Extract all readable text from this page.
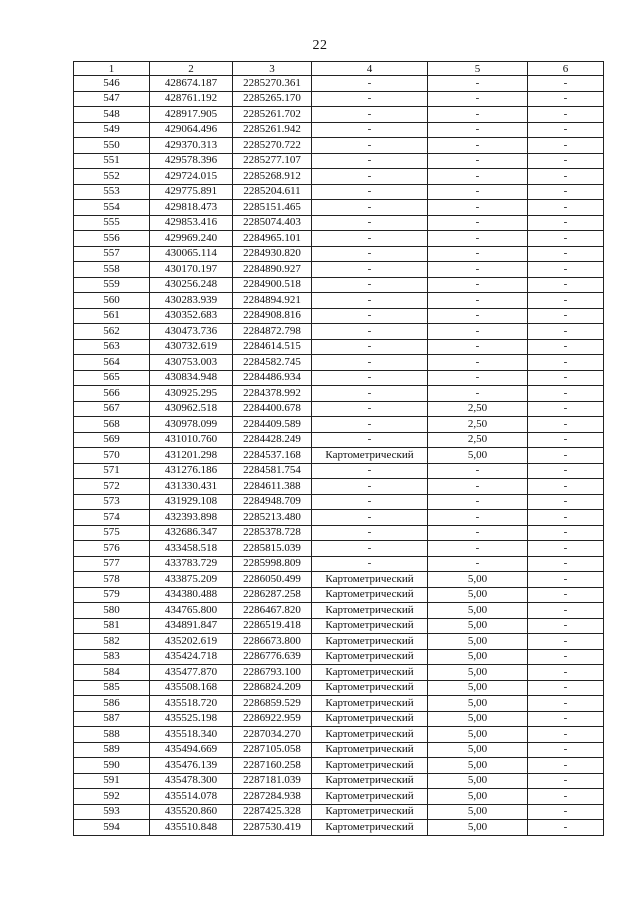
22
1	2	3	4	5	6
546	428674.187	2285270.361	-	-	-
547	428761.192	2285265.170	-	-	-
548	428917.905	2285261.702	-	-	-
549	429064.496	2285261.942	-	-	-
550	429370.313	2285270.722	-	-	-
551	429578.396	2285277.107	-	-	-
552	429724.015	2285268.912	-	-	-
553	429775.891	2285204.611	-	-	-
554	429818.473	2285151.465	-	-	-
555	429853.416	2285074.403	-	-	-
556	429969.240	2284965.101	-	-	-
557	430065.114	2284930.820	-	-	-
558	430170.197	2284890.927	-	-	-
559	430256.248	2284900.518	-	-	-
560	430283.939	2284894.921	-	-	-
561	430352.683	2284908.816	-	-	-
562	430473.736	2284872.798	-	-	-
563	430732.619	2284614.515	-	-	-
564	430753.003	2284582.745	-	-	-
565	430834.948	2284486.934	-	-	-
566	430925.295	2284378.992	-	-	-
567	430962.518	2284400.678	-	2,50	-
568	430978.099	2284409.589	-	2,50	-
569	431010.760	2284428.249	-	2,50	-
570	431201.298	2284537.168	Картометрический	5,00	-
571	431276.186	2284581.754	-	-	-
572	431330.431	2284611.388	-	-	-
573	431929.108	2284948.709	-	-	-
574	432393.898	2285213.480	-	-	-
575	432686.347	2285378.728	-	-	-
576	433458.518	2285815.039	-	-	-
577	433783.729	2285998.809	-	-	-
578	433875.209	2286050.499	Картометрический	5,00	-
579	434380.488	2286287.258	Картометрический	5,00	-
580	434765.800	2286467.820	Картометрический	5,00	-
581	434891.847	2286519.418	Картометрический	5,00	-
582	435202.619	2286673.800	Картометрический	5,00	-
583	435424.718	2286776.639	Картометрический	5,00	-
584	435477.870	2286793.100	Картометрический	5,00	-
585	435508.168	2286824.209	Картометрический	5,00	-
586	435518.720	2286859.529	Картометрический	5,00	-
587	435525.198	2286922.959	Картометрический	5,00	-
588	435518.340	2287034.270	Картометрический	5,00	-
589	435494.669	2287105.058	Картометрический	5,00	-
590	435476.139	2287160.258	Картометрический	5,00	-
591	435478.300	2287181.039	Картометрический	5,00	-
592	435514.078	2287284.938	Картометрический	5,00	-
593	435520.860	2287425.328	Картометрический	5,00	-
594	435510.848	2287530.419	Картометрический	5,00	-
